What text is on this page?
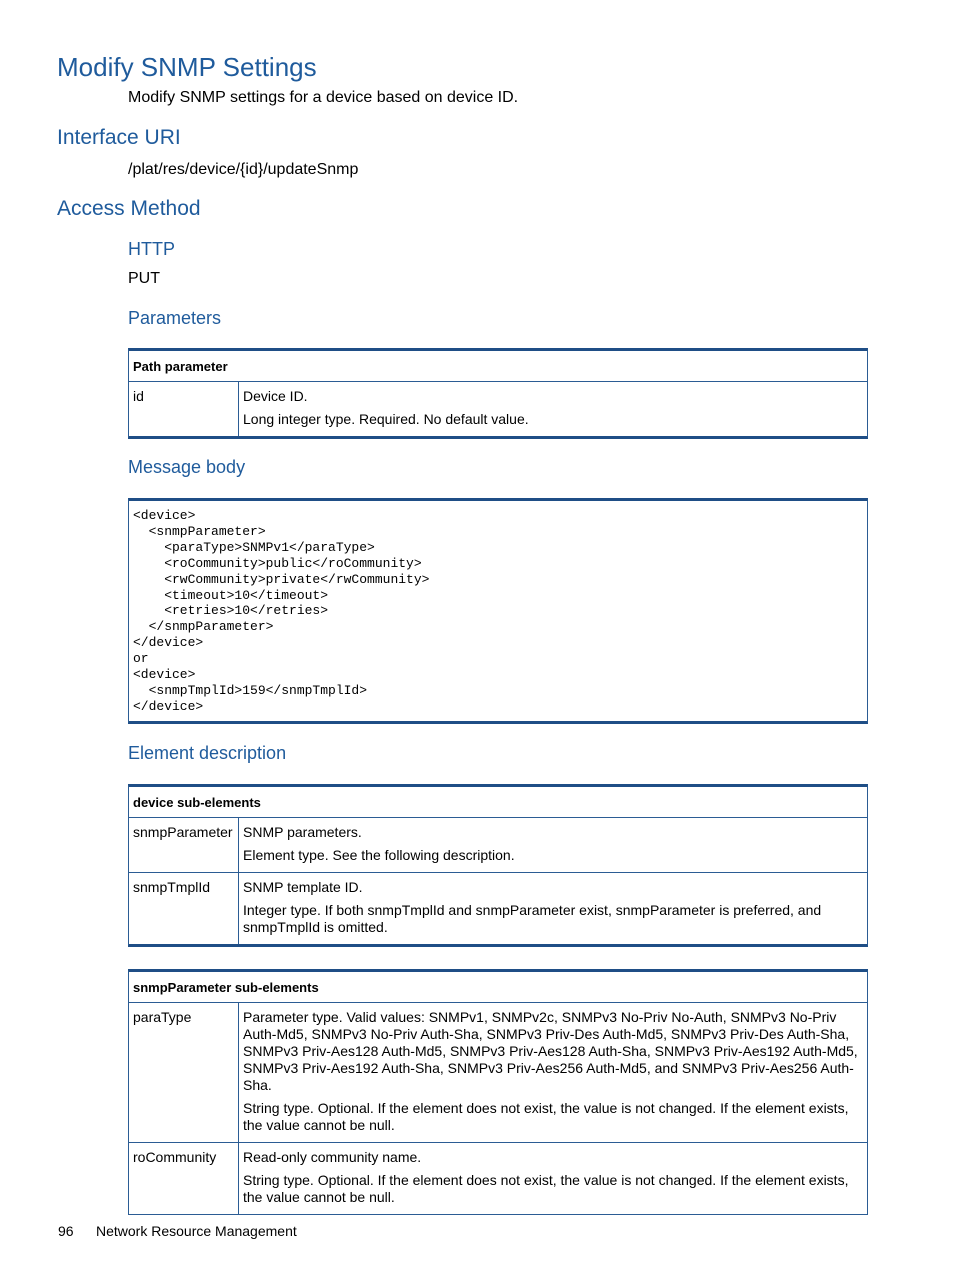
Modify SNMP Settings
Modify SNMP settings for a device based on device ID.
Interface URI
/plat/res/device/{id}/updateSnmp
Access Method
HTTP
PUT
Parameters
Path parameter
id	Device ID.

Long integer type. Required. No default value.

Message body
<device>
<snmpParameter>
<paraType>SNMPv1</paraType>
<roCommunity>public</roCommunity>
<rwCommunity>private</rwCommunity>
<timeout>10</timeout>
<retries>10</retries>
</snmpParameter>
</device>
or
<device>
<snmpTmplId>159</snmpTmplId>
</device>
Element description
device sub-elements
snmpParameter SNMP parameters.

Element type. See the following description.

snmpTmplId	SNMP template ID.

Integer type. If both snmpTmplId and snmpParameter exist, snmpParameter is preferred, and snmpTmplId is omitted.

snmpParameter sub-elements
paraType	Parameter type. Valid values: SNMPv1, SNMPv2c, SNMPv3 No-Priv No-Auth, SNMPv3 No-Priv Auth-Md5, SNMPv3 No-Priv Auth-Sha, SNMPv3 Priv-Des Auth-Md5, SNMPv3 Priv-Des Auth-Sha, SNMPv3 Priv-Aes128 Auth-Md5, SNMPv3 Priv-Aes128 Auth-Sha, SNMPv3 Priv-Aes192 Auth-Md5, SNMPv3 Priv-Aes192 Auth-Sha, SNMPv3 Priv-Aes256 Auth-Md5, and SNMPv3 Priv-Aes256 Auth-Sha.

String type. Optional. If the element does not exist, the value is not changed. If the element exists, the value cannot be null.

roCommunity	Read-only community name.

String type. Optional. If the element does not exist, the value is not changed. If the element exists, the value cannot be null.

96 Network Resource Management
